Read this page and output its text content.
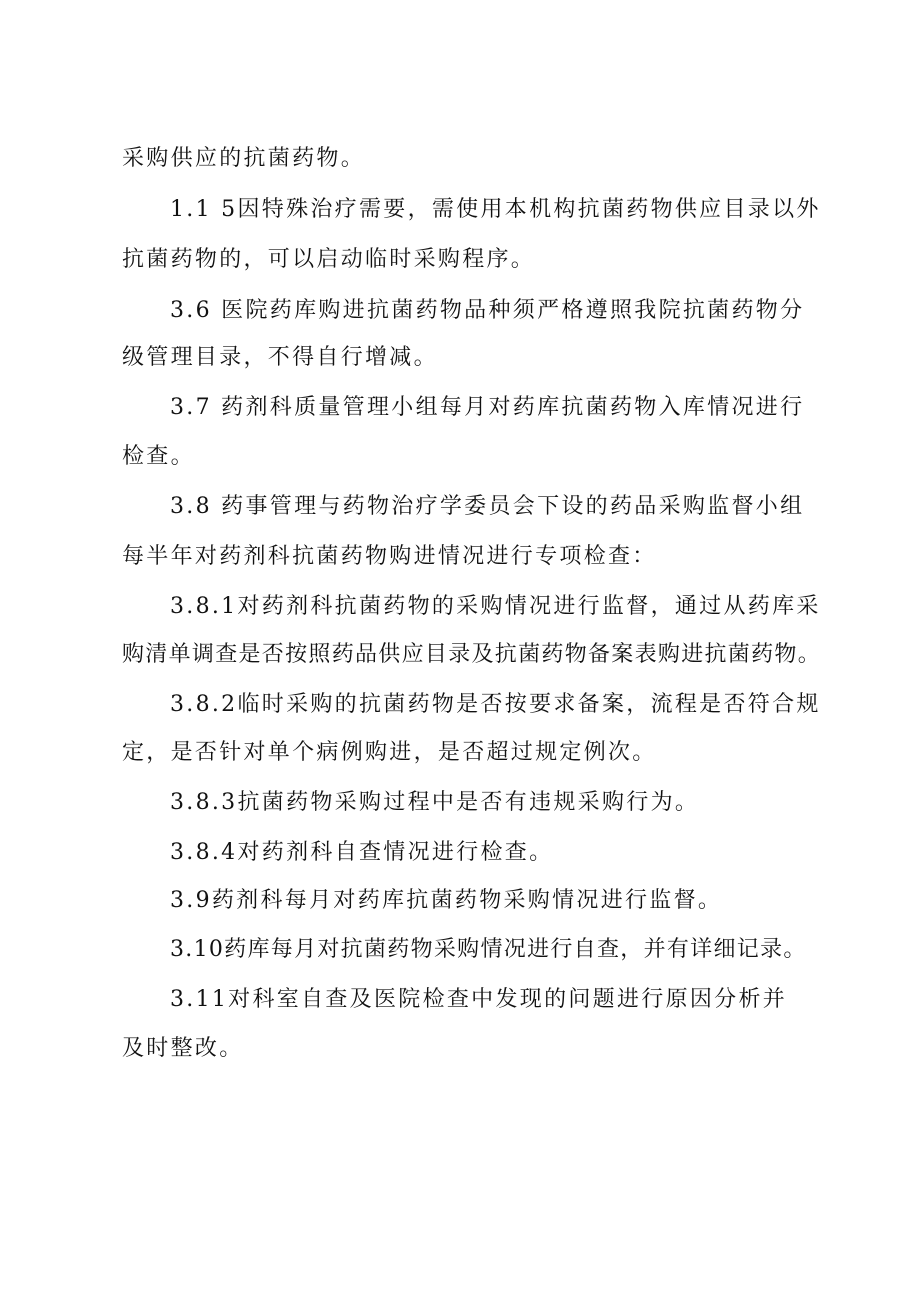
采购供应的抗菌药物。
1.1 5因特殊治疗需要，需使用本机构抗菌药物供应目录以外
抗菌药物的，可以启动临时采购程序。
3.6 医院药库购进抗菌药物品种须严格遵照我院抗菌药物分
级管理目录，不得自行增减。
3.7 药剂科质量管理小组每月对药库抗菌药物入库情况进行
检查。
3.8 药事管理与药物治疗学委员会下设的药品采购监督小组
每半年对药剂科抗菌药物购进情况进行专项检查：
3.8.1对药剂科抗菌药物的采购情况进行监督，通过从药库采
购清单调查是否按照药品供应目录及抗菌药物备案表购进抗菌药物。
3.8.2临时采购的抗菌药物是否按要求备案，流程是否符合规
定，是否针对单个病例购进，是否超过规定例次。
3.8.3抗菌药物采购过程中是否有违规采购行为。
3.8.4对药剂科自查情况进行检查。
3.9药剂科每月对药库抗菌药物采购情况进行监督。
3.10药库每月对抗菌药物采购情况进行自查，并有详细记录。
3.11对科室自查及医院检查中发现的问题进行原因分析并
及时整改。
